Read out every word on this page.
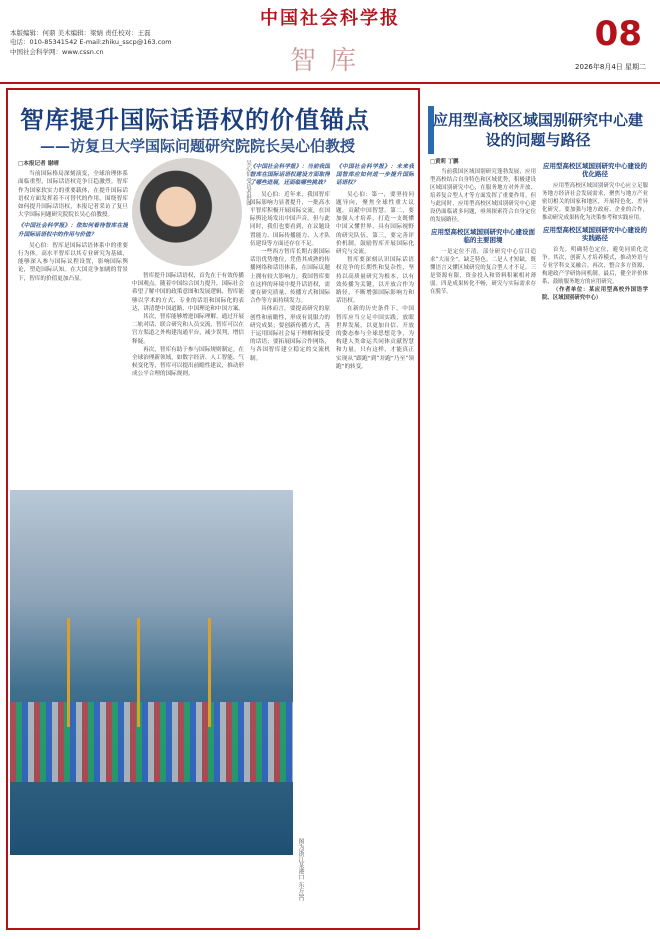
中国社会科学报
本版编辑：何鼎 美术编辑：梁婧 责任校对：王磊
电话：010-85341542 E-mail:zhiku_sscp@163.com
中国社会科学网：www.cssn.cn	智库
08
2026年8月4日 星期二
智库提升国际话语权的价值锚点
——访复旦大学国际问题研究院院长吴心伯教授
□本报记者 谢晴

当前国际格局深刻演变，全球治理体系面临重塑，国际话语权竞争日趋激烈。智库作为国家软实力的重要载体，在提升国际话语权方面发挥着不可替代的作用。围绕智库如何提升国际话语权，本报记者采访了复旦大学国际问题研究院院长吴心伯教授。

《中国社会科学报》：您如何看待智库在提升国际话语权中的作用与价值？

吴心伯：智库是国际话语体系中的重要行为体。高水平智库以其专业研究为基础，能够深入参与国际议程设置，影响国际舆论，塑造国际认知。在大国竞争加剧的背景下，智库的价值更加凸显。

吴心伯 受访者供图

智库提升国际话语权，首先在于有效传播中国观点。随着中国综合国力提升，国际社会希望了解中国的政策意图和发展逻辑，智库能够以学术的方式、专业的话语和国际化的表达，讲清楚中国道路、中国理论和中国方案。

其次，智库能够增进国际理解。通过开展二轨对话、联合研究和人员交流，智库可以在官方渠道之外构建沟通平台，减少误判，增信释疑。

再次，智库有助于参与国际规则制定。在全球治理新领域，如数字经济、人工智能、气候变化等，智库可以提出前瞻性建议，推动形成公平合理的国际规则。

《中国社会科学报》：当前我国智库在国际话语权建设方面取得了哪些进展，还面临哪些挑战？

吴心伯：近年来，我国智库国际影响力显著提升，一批高水平智库积极开展国际交流，在国际舆论场发出中国声音。但与此同时，我们也要看到，在议题设置能力、国际传播能力、人才队伍建设等方面还存在不足。

一些西方智库长期占据国际话语优势地位，凭借其成熟的传播网络和话语体系，在国际议题上拥有较大影响力。我国智库要在这样的环境中提升话语权，需要在研究质量、传播方式和国际合作等方面持续发力。

具体而言，要提高研究的原创性和前瞻性，形成有说服力的研究成果；要创新传播方式，善于运用国际社会易于理解和接受的话语；要拓展国际合作网络，与各国智库建立稳定的交流机制。

《中国社会科学报》：未来我国智库应如何进一步提升国际话语权？

吴心伯：第一，要坚持问题导向，聚焦全球性重大议题，贡献中国智慧。第二，要加强人才培养，打造一支既懂中国又懂世界、具有国际视野的研究队伍。第三，要完善评价机制，鼓励智库开展国际化研究与交流。

智库要深刻认识国际话语权竞争的长期性和复杂性，坚持以高质量研究为根本，以有效传播为关键，以开放合作为路径，不断增强国际影响力和话语权。

在新的历史条件下，中国智库应当立足中国实践，放眼世界发展，以更加自信、开放的姿态参与全球思想竞争，为构建人类命运共同体贡献智慧和力量。只有这样，才能真正实现从“跟跑”到“并跑”乃至“领跑”的转变。

图为浙江某港口 东方IC
应用型高校区域国别研究中心建设的问题与路径
□黄莉 丁鹏

当前我国区域国别研究蓬勃发展，应用型高校结合自身特色和区域优势，积极建设区域国别研究中心，在服务地方对外开放、培养复合型人才等方面发挥了重要作用。但与此同时，应用型高校区域国别研究中心建设仍面临诸多问题，亟须探索符合自身定位的发展路径。

应用型高校区域国别研究中心建设面临的主要困境

一是定位不清，部分研究中心盲目追求“大而全”，缺乏特色。二是人才短缺，既懂语言又懂区域研究的复合型人才不足。三是资源有限，资金投入和资料积累相对薄弱。四是成果转化不畅，研究与实际需求存在脱节。

应用型高校区域国别研究中心建设的优化路径

应用型高校区域国别研究中心应立足服务地方经济社会发展需求，聚焦与地方产业密切相关的国家和地区，开展特色化、差异化研究。要加强与地方政府、企业的合作，推动研究成果转化为决策参考和实践应用。

应用型高校区域国别研究中心建设的实践路径

首先，明确特色定位，避免同质化竞争。其次，创新人才培养模式，推动外语与专业学科交叉融合。再次，整合多方资源，构建政产学研协同机制。最后，健全评价体系，鼓励服务地方的应用研究。

（作者单位：某应用型高校外国语学院、区域国别研究中心）
